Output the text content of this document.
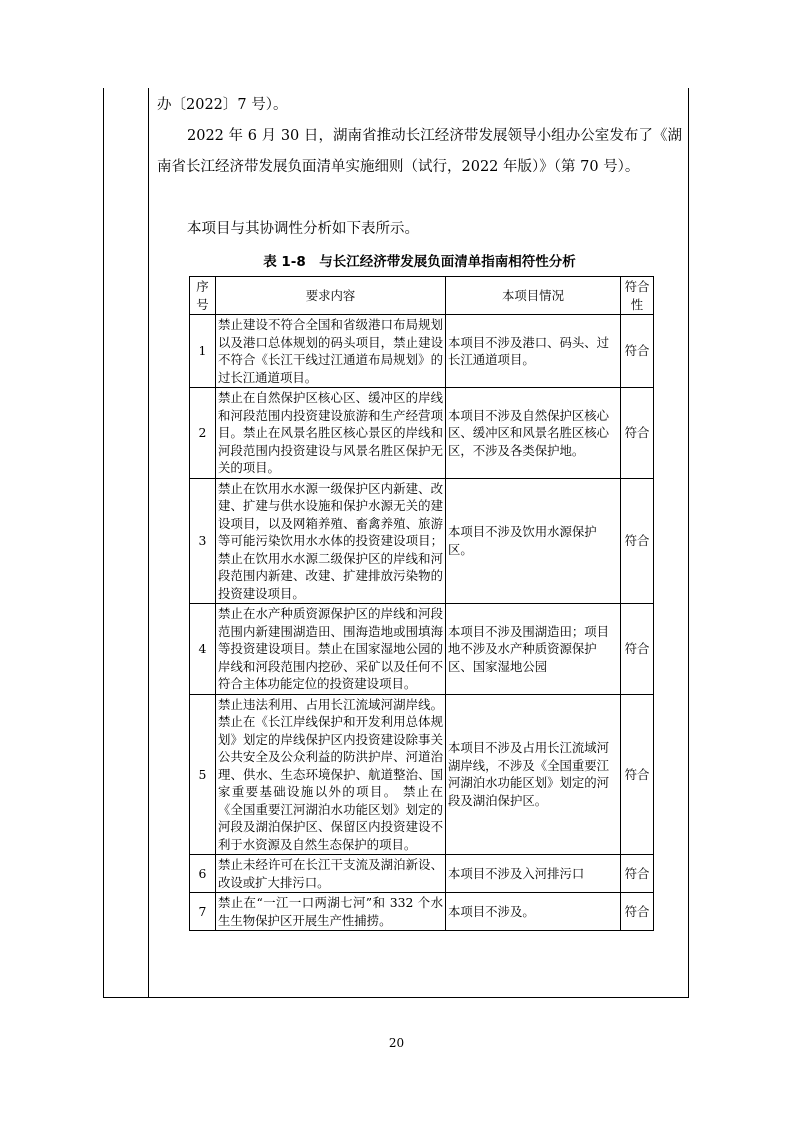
办〔2022〕7 号）。
2022 年 6 月 30 日，湖南省推动长江经济带发展领导小组办公室发布了《湖南省长江经济带发展负面清单实施细则（试行，2022 年版）》（第 70 号）。
本项目与其协调性分析如下表所示。
表 1-8　与长江经济带发展负面清单指南相符性分析
序号	要求内容	本项目情况	符合性
1	禁止建设不符合全国和省级港口布局规划以及港口总体规划的码头项目，禁止建设不符合《长江干线过江通道布局规划》的过长江通道项目。	本项目不涉及港口、码头、过长江通道项目。	符合
2	禁止在自然保护区核心区、缓冲区的岸线和河段范围内投资建设旅游和生产经营项目。禁止在风景名胜区核心景区的岸线和河段范围内投资建设与风景名胜区保护无关的项目。	本项目不涉及自然保护区核心区、缓冲区和风景名胜区核心区，不涉及各类保护地。	符合
3	禁止在饮用水水源一级保护区内新建、改建、扩建与供水设施和保护水源无关的建设项目，以及网箱养殖、畜禽养殖、旅游等可能污染饮用水水体的投资建设项目；禁止在饮用水水源二级保护区的岸线和河段范围内新建、改建、扩建排放污染物的投资建设项目。	本项目不涉及饮用水源保护区。	符合
4	禁止在水产种质资源保护区的岸线和河段范围内新建围湖造田、围海造地或围填海等投资建设项目。禁止在国家湿地公园的岸线和河段范围内挖砂、采矿以及任何不符合主体功能定位的投资建设项目。	本项目不涉及围湖造田；项目地不涉及水产种质资源保护区、国家湿地公园	符合
5	禁止违法利用、占用长江流域河湖岸线。禁止在《长江岸线保护和开发利用总体规划》划定的岸线保护区内投资建设除事关公共安全及公众利益的防洪护岸、河道治理、供水、生态环境保护、航道整治、国家重要基础设施以外的项目。 禁止在《全国重要江河湖泊水功能区划》划定的河段及湖泊保护区、保留区内投资建设不利于水资源及自然生态保护的项目。	本项目不涉及占用长江流域河湖岸线，不涉及《全国重要江河湖泊水功能区划》划定的河段及湖泊保护区。	符合
6	禁止未经许可在长江干支流及湖泊新设、改设或扩大排污口。	本项目不涉及入河排污口	符合
7	禁止在“一江一口两湖七河”和 332 个水生生物保护区开展生产性捕捞。	本项目不涉及。	符合
20
